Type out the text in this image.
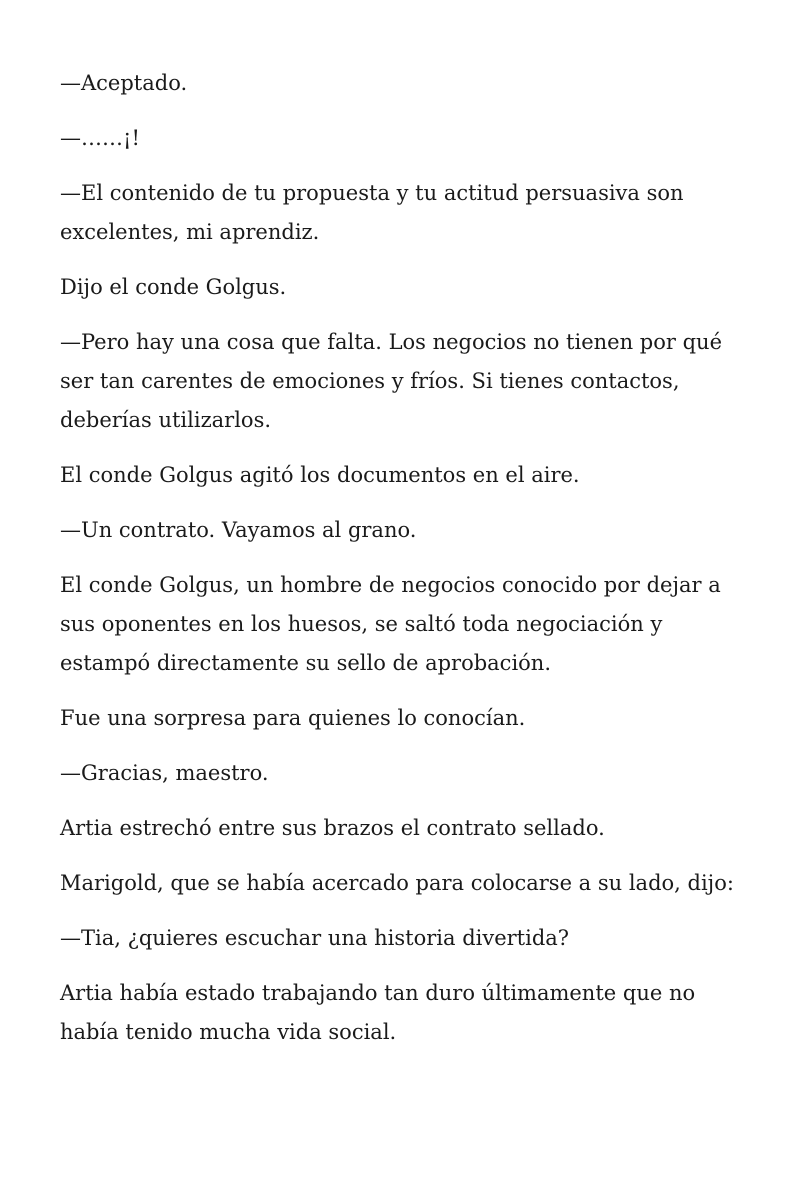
—Aceptado.

—……¡!

—El contenido de tu propuesta y tu actitud persuasiva son excelentes, mi aprendiz.

Dijo el conde Golgus.

—Pero hay una cosa que falta. Los negocios no tienen por qué ser tan carentes de emociones y fríos. Si tienes contactos, deberías utilizarlos.

El conde Golgus agitó los documentos en el aire.

—Un contrato. Vayamos al grano.

El conde Golgus, un hombre de negocios conocido por dejar a sus oponentes en los huesos, se saltó toda negociación y estampó directamente su sello de aprobación.

Fue una sorpresa para quienes lo conocían.

—Gracias, maestro.

Artia estrechó entre sus brazos el contrato sellado.

Marigold, que se había acercado para colocarse a su lado, dijo:

—Tia, ¿quieres escuchar una historia divertida?

Artia había estado trabajando tan duro últimamente que no había tenido mucha vida social.
